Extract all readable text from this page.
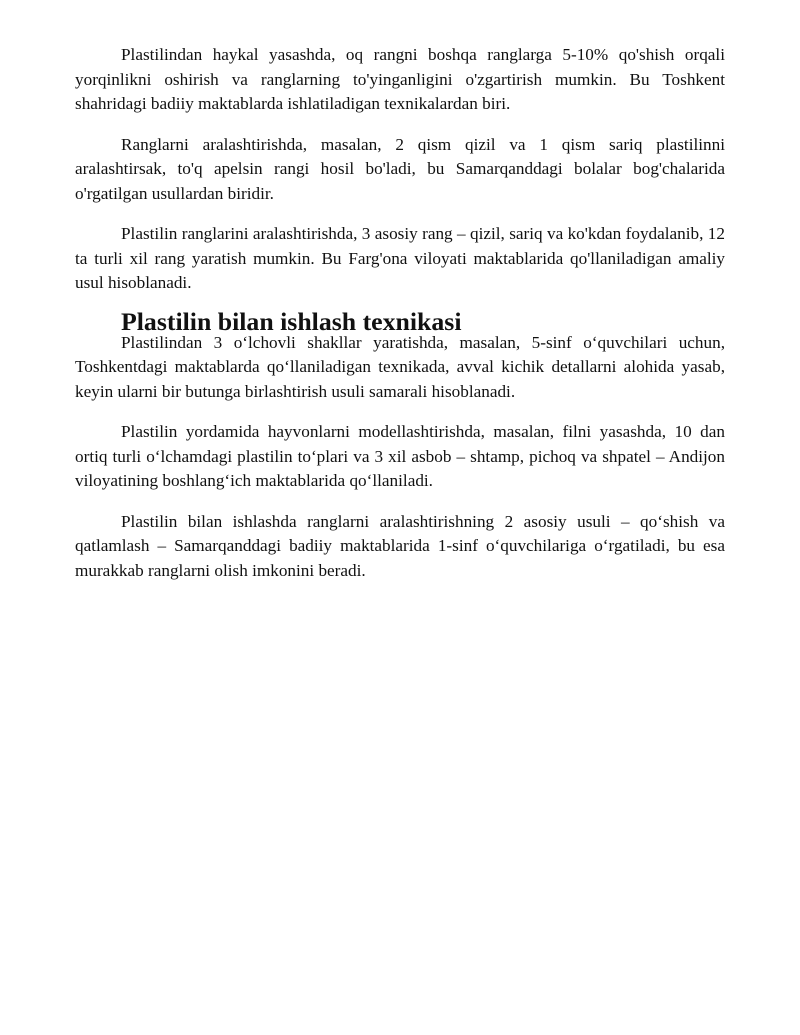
Plastilindan haykal yasashda, oq rangni boshqa ranglarga 5-10% qo'shish orqali yorqinlikni oshirish va ranglarning to'yinganligini o'zgartirish mumkin. Bu Toshkent shahridagi badiiy maktablarda ishlatiladigan texnikalardan biri.

Ranglarni aralashtirishda, masalan, 2 qism qizil va 1 qism sariq plastilinni aralashtirsak, to'q apelsin rangi hosil bo'ladi, bu Samarqanddagi bolalar bog'chalarida o'rgatilgan usullardan biridir.

Plastilin ranglarini aralashtirishda, 3 asosiy rang – qizil, sariq va ko'kdan foydalanib, 12 ta turli xil rang yaratish mumkin. Bu Farg'ona viloyati maktablarida qo'llaniladigan amaliy usul hisoblanadi.

Plastilin bilan ishlash texnikasi

Plastilindan 3 o‘lchovli shakllar yaratishda, masalan, 5-sinf o‘quvchilari uchun, Toshkentdagi maktablarda qo‘llaniladigan texnikada, avval kichik detallarni alohida yasab, keyin ularni bir butunga birlashtirish usuli samarali hisoblanadi.

Plastilin yordamida hayvonlarni modellashtirishda, masalan, filni yasashda, 10 dan ortiq turli o‘lchamdagi plastilin to‘plari va 3 xil asbob – shtamp, pichoq va shpatel – Andijon viloyatining boshlang‘ich maktablarida qo‘llaniladi.

Plastilin bilan ishlashda ranglarni aralashtirishning 2 asosiy usuli – qo‘shish va qatlamlash – Samarqanddagi badiiy maktablarida 1-sinf o‘quvchilariga o‘rgatiladi, bu esa murakkab ranglarni olish imkonini beradi.
